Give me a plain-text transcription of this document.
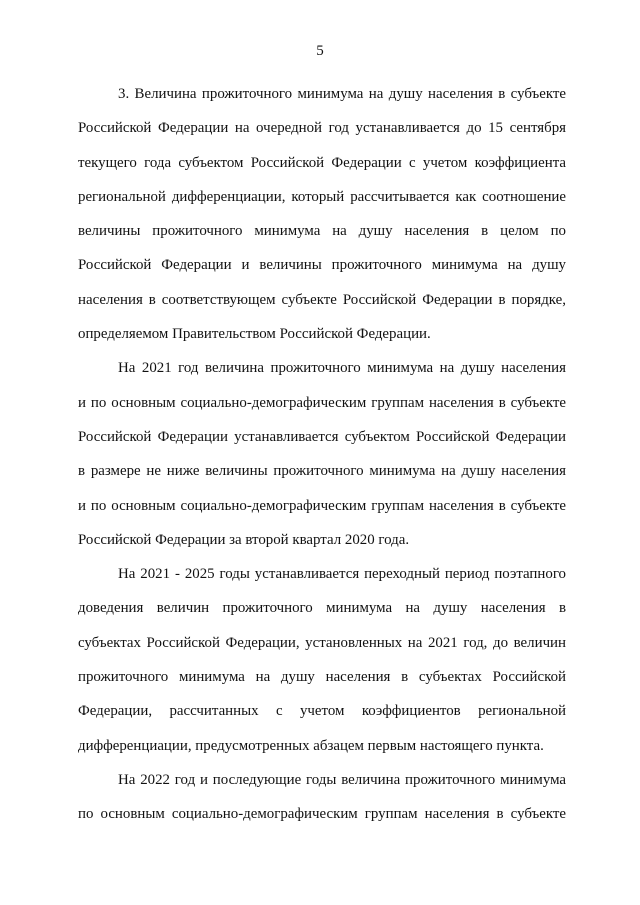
5
3. Величина прожиточного минимума на душу населения в субъекте
Российской Федерации на очередной год устанавливается до 15 сентября
текущего года субъектом Российской Федерации с учетом коэффициента
региональной дифференциации, который рассчитывается как соотношение
величины прожиточного минимума на душу населения в целом по
Российской Федерации и величины прожиточного минимума на душу
населения в соответствующем субъекте Российской Федерации в порядке,
определяемом Правительством Российской Федерации.
На 2021 год величина прожиточного минимума на душу населения
и по основным социально-демографическим группам населения в субъекте
Российской Федерации устанавливается субъектом Российской Федерации
в размере не ниже величины прожиточного минимума на душу населения
и по основным социально-демографическим группам населения в субъекте
Российской Федерации за второй квартал 2020 года.
На 2021 - 2025 годы устанавливается переходный период поэтапного
доведения величин прожиточного минимума на душу населения в
субъектах Российской Федерации, установленных на 2021 год, до величин
прожиточного минимума на душу населения в субъектах Российской
Федерации, рассчитанных с учетом коэффициентов региональной
дифференциации, предусмотренных абзацем первым настоящего пункта.
На 2022 год и последующие годы величина прожиточного минимума
по основным социально-демографическим группам населения в субъекте
